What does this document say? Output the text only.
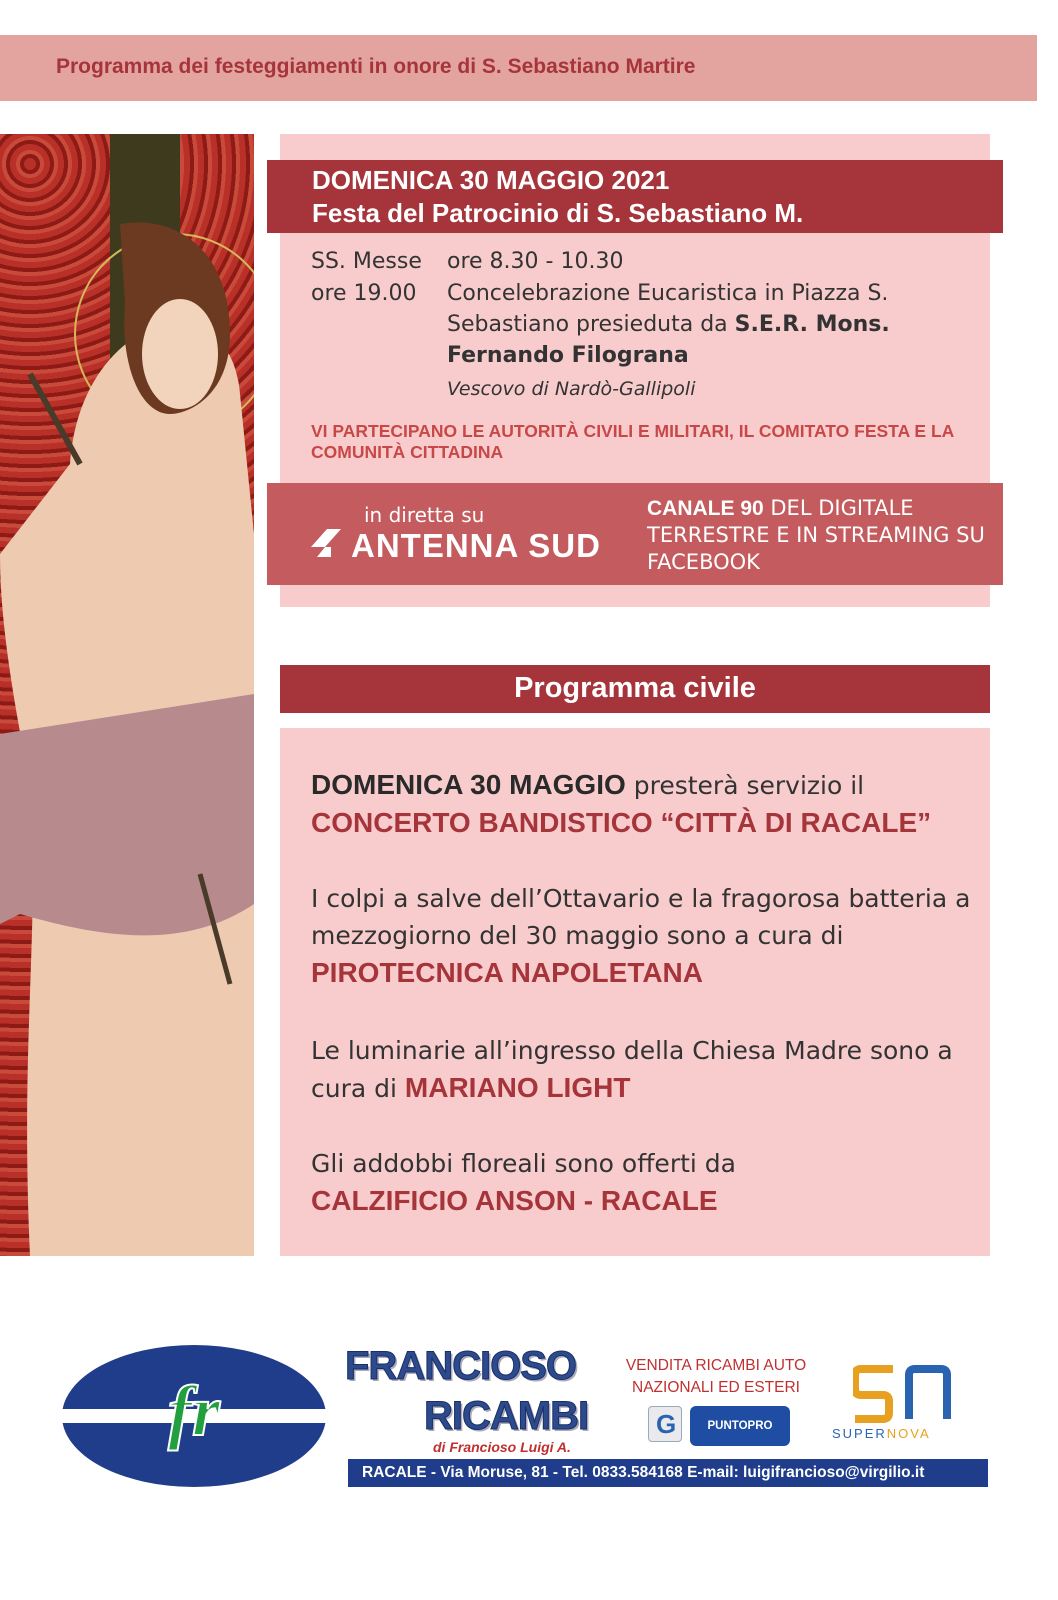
Programma dei festeggiamenti in onore di S. Sebastiano Martire
DOMENICA 30 MAGGIO 2021
Festa del Patrocinio di S. Sebastiano M.
SS. Messe
ore 19.00
ore 8.30 - 10.30
Concelebrazione Eucaristica in Piazza S. Sebastiano presieduta da S.E.R. Mons.
Fernando Filograna
Vescovo di Nardò-Gallipoli
VI PARTECIPANO LE AUTORITÀ CIVILI E MILITARI, IL COMITATO FESTA E LA COMUNITÀ CITTADINA
in diretta su
ANTENNA SUD
CANALE 90 DEL DIGITALE TERRESTRE E IN STREAMING SU FACEBOOK
Programma civile
DOMENICA 30 MAGGIO presterà servizio il
CONCERTO BANDISTICO “CITTÀ DI RACALE”
I colpi a salve dell’Ottavario e la fragorosa batteria a mezzogiorno del 30 maggio sono a cura di
PIROTECNICA NAPOLETANA
Le luminarie all’ingresso della Chiesa Madre sono a cura di MARIANO LIGHT
Gli addobbi floreali sono offerti da
CALZIFICIO ANSON - RACALE
fr
FRANCIOSO
RICAMBI
di Francioso Luigi A.
VENDITA RICAMBI AUTO NAZIONALI ED ESTERI
G	PUNTOPRO	SUPERNOVA
RACALE - Via Moruse, 81 - Tel. 0833.584168 E-mail: luigifrancioso@virgilio.it
